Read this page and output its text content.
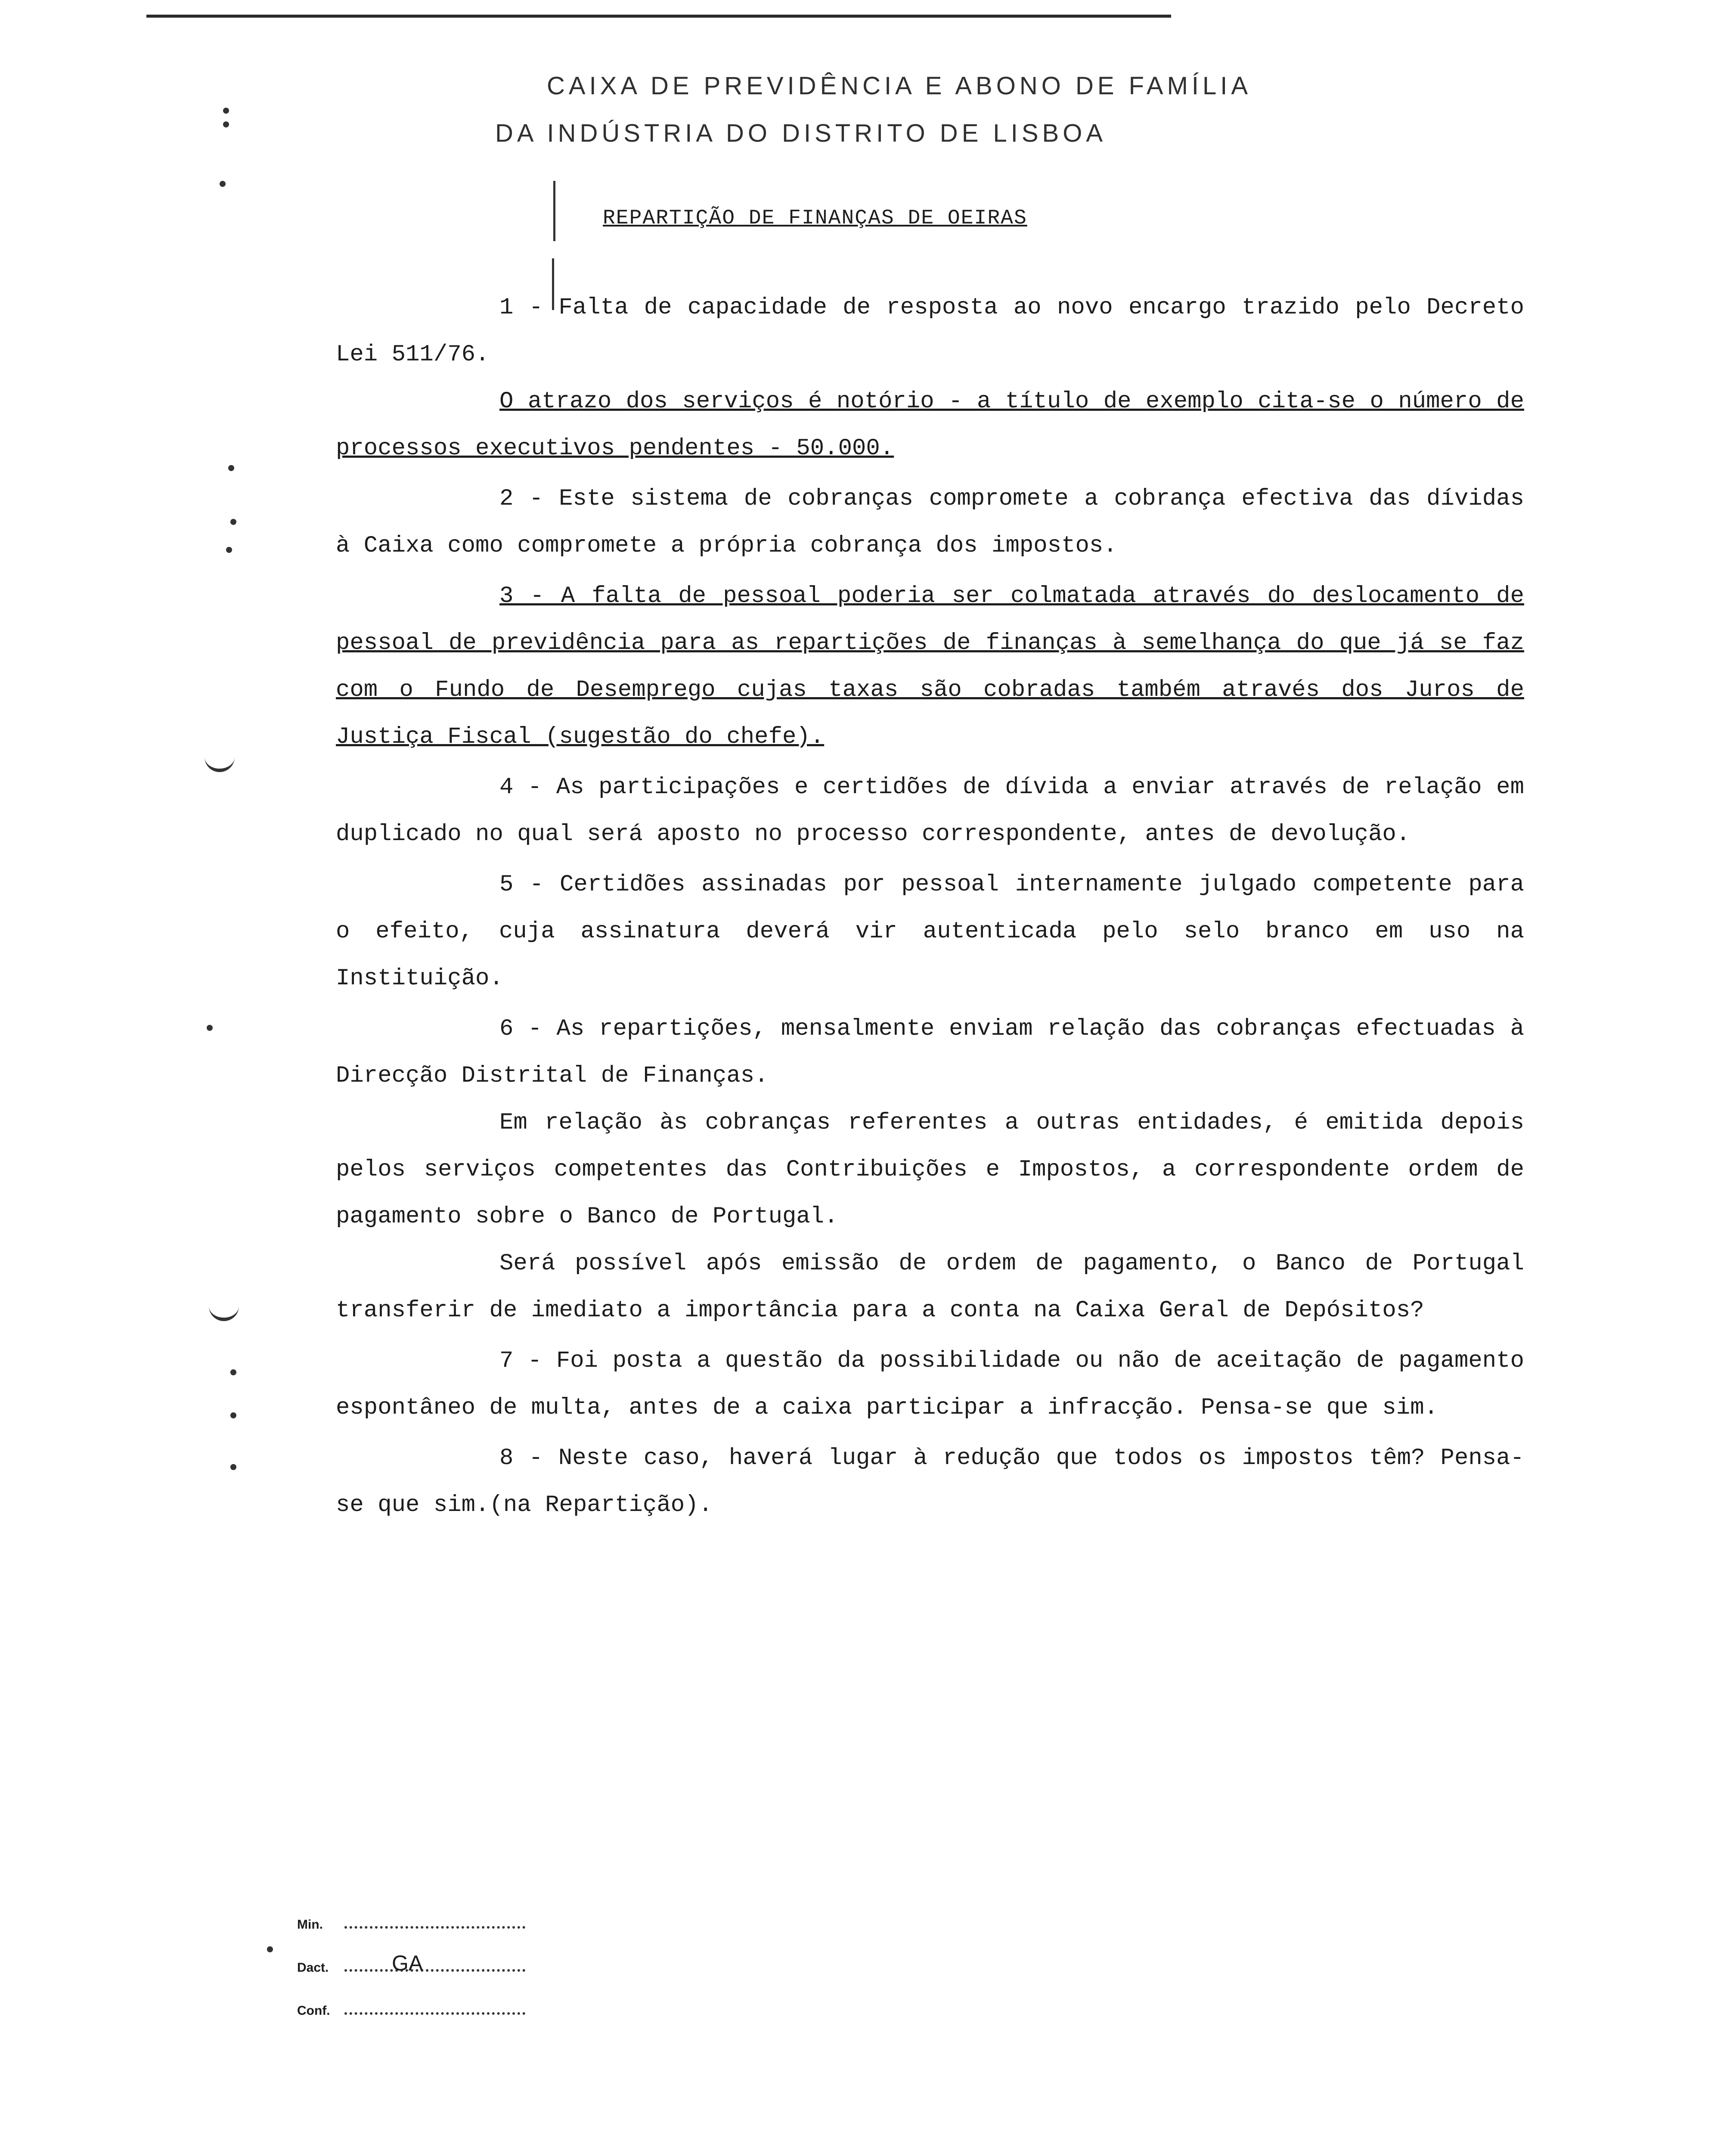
CAIXA DE PREVIDÊNCIA E ABONO DE FAMÍLIA
DA INDÚSTRIA DO DISTRITO DE LISBOA
REPARTIÇÃO DE FINANÇAS DE OEIRAS

1 - Falta de capacidade de resposta ao novo encargo trazido pelo Decreto Lei 511/76.

O atrazo dos serviços é notório - a título de exemplo cita-se o número de processos executivos pendentes - 50.000.

2 - Este sistema de cobranças compromete a cobrança efectiva das dívidas à Caixa como compromete a própria cobrança dos impostos.

3 - A falta de pessoal poderia ser colmatada através do deslocamento de pessoal de previdência para as repartições de finanças à semelhança do que já se faz com o Fundo de Desemprego cujas taxas são cobradas também através dos Juros de Justiça Fiscal (sugestão do chefe).

4 - As participações e certidões de dívida a enviar através de relação em duplicado no qual será aposto no processo correspondente, antes de devolução.

5 - Certidões assinadas por pessoal internamente julgado competente para o efeito, cuja assinatura deverá vir autenticada pelo selo branco em uso na Instituição.

6 - As repartições, mensalmente enviam relação das cobranças efectuadas à Direcção Distrital de Finanças.

Em relação às cobranças referentes a outras entidades, é emitida depois pelos serviços competentes das Contribuições e Impostos, a correspondente ordem de pagamento sobre o Banco de Portugal.

Será possível após emissão de ordem de pagamento, o Banco de Portugal transferir de imediato a importância para a conta na Caixa Geral de Depósitos?

7 - Foi posta a questão da possibilidade ou não de aceitação de pagamento espontâneo de multa, antes de a caixa participar a infracção. Pensa-se que sim.

8 - Neste caso, haverá lugar à redução que todos os impostos têm? Pensa-se que sim.(na Repartição).

Min.
Dact.	GA
Conf.
